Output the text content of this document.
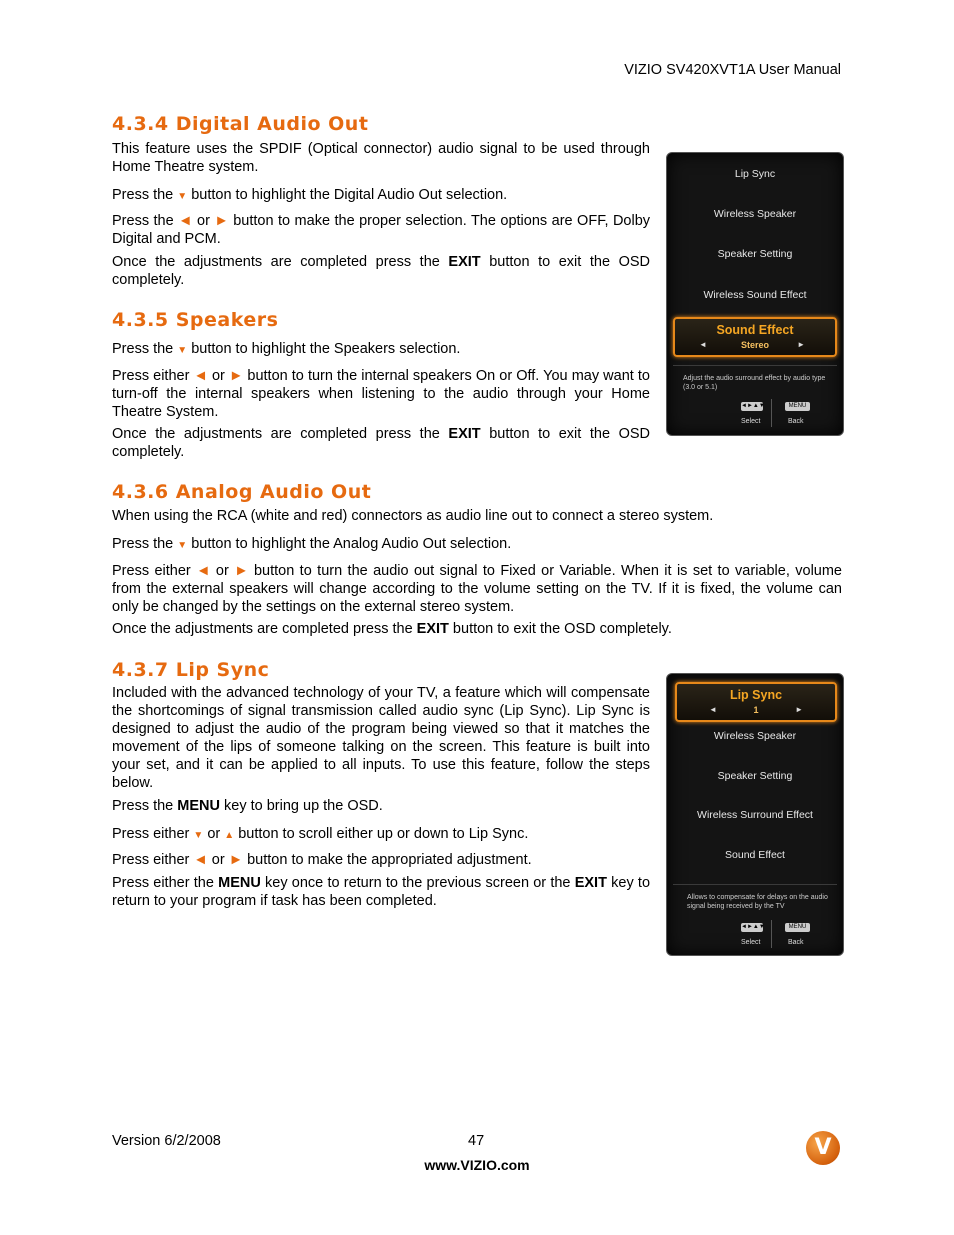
VIZIO SV420XVT1A User Manual
4.3.4 Digital Audio Out
This feature uses the SPDIF (Optical connector) audio signal to be used through Home Theatre system.
Press the ▼ button to highlight the Digital Audio Out selection.
Press the ◄ or ► button to make the proper selection. The options are OFF, Dolby Digital and PCM.
Once the adjustments are completed press the EXIT button to exit the OSD completely.
4.3.5 Speakers
Press the ▼ button to highlight the Speakers selection.
Press either ◄ or ► button to turn the internal speakers On or Off. You may want to turn-off the internal speakers when listening to the audio through your Home Theatre System.
Once the adjustments are completed press the EXIT button to exit the OSD completely.
Lip Sync
Wireless Speaker
Speaker Setting
Wireless Sound Effect
Sound Effect
Stereo
◄	►
Adjust the audio surround effect by audio type (3.0 or 5.1)
◄►▲▼	MENU
Select	Back
4.3.6 Analog Audio Out
When using the RCA (white and red) connectors as audio line out to connect a stereo system.
Press the ▼ button to highlight the Analog Audio Out selection.
Press either ◄ or ► button to turn the audio out signal to Fixed or Variable. When it is set to variable, volume from the external speakers will change according to the volume setting on the TV. If it is fixed, the volume can only be changed by the settings on the external stereo system.
Once the adjustments are completed press the EXIT button to exit the OSD completely.
4.3.7 Lip Sync
Included with the advanced technology of your TV, a feature which will compensate the shortcomings of signal transmission called audio sync (Lip Sync). Lip Sync is designed to adjust the audio of the program being viewed so that it matches the movement of the lips of someone talking on the screen. This feature is built into your set, and it can be applied to all inputs. To use this feature, follow the steps below.
Press the MENU key to bring up the OSD.
Press either ▼ or ▲ button to scroll either up or down to Lip Sync.
Press either ◄ or ► button to make the appropriated adjustment.
Press either the MENU key once to return to the previous screen or the EXIT key to return to your program if task has been completed.
Lip Sync
1
◄	►
Wireless Speaker
Speaker Setting
Wireless Surround Effect
Sound Effect
Allows to compensate for delays on the audio signal being received by the TV
◄►▲▼	MENU
Select	Back
Version 6/2/2008	47
www.VIZIO.com
V
